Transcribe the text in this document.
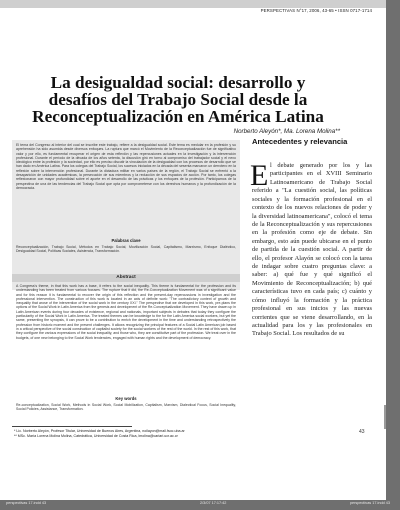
PERSPECTIVAS N°17, 2006, 43-65 • ISSN 0717-1714
La desigualdad social: desarrollo y desafíos del Trabajo Social desde la Reconceptualización en América Latina
Norberto Aleyón*, Ma. Lorena Molina**
El tema del Congreso al interior del cual se inscribe este trabajo, refiere a la desigualdad social. Este tema es medular en la profesión y su aprehensión ha sido asumida desde diversos enfoques. La ruptura que marcó el Movimiento de la Reconceptualización fue de significativo valor y por ello, es fundamental recuperar el origen de esta reflexión y las repercusiones actuales en la investigación y la intervención profesional. Durante el período de la década de los años setenta, la discusión giró en torno al compromiso del trabajador social y el nexo ideológico entre la profesión y la sociedad, por ello es preciso discutir la vinculación de la desigualdad con los procesos de desarrollo que se han dado en América Latina. Para los colegas del Trabajo Social, los sucesos iniciados en la década del sesenta marcaron un derrotero en la reflexión sobre la intervención profesional. Durante la dictadura militar en varios países de la región, el Trabajo Social se enfrentó a la desaparición de unidades académicas, la persecución de sus miembros y la reducción de sus espacios de acción. Por tanto, los colegas reflexionaron con mayor profundidad sobre el aporte en el desarrollo de las prácticas y los enfoques de la profesión. Participamos de la perspectiva de una de las tendencias del Trabajo Social que opta por comprometerse con los derechos humanos y la profundización de la democracia.
Palabras clave
Reconceptualización, Trabajo Social, Métodos en Trabajo Social, Movilización Social, Capitalismo, Marxismo, Enfoque Dialéctico, Desigualdad Social, Políticas Sociales, Asistencia, Transformación.
Abstract
A Congress's theme, in that this work has a base, it refers to the social inequality. This theme is fundamental for the profession and its understanding has been treated from various focuses. The rupture that it did, the Re-Conceptualization Movement was of a significant value and for this reason it is fundamental to recover the origin of this reflection and the present-day repercussions in investigation and the professional intervention. The construction of this work is located in an axis of definite work: "The contradictory context of growth and inequality that arose of the intervention of the social work in the century XXI." The perspective that we developed in this work, pre-plans the options of the Social Work in Latin America from the genesis and development of the Re-Conceptualization Movement. They have drawn up in Latin American events during four decades of existence, regional and nationals, important subjects in debates that today they configure the particularity of the Social Work in Latin America. The treated themes can be knowledge to the for the Latin America social workers, but yet the same, presenting the synopsis, it can prove to be a contribution to enrich the development in the time and understanding retrospectively the profession from historic moment and the present challenges. It allows recognizing the principal features of a Social Latin American job based in a critical perspective of the social construction of capitalist society for the social workers of the rest of the world. In the rest of this work, that they configure the various expressions of the social inequality, and those who, they are constitutive part of the profession. We treat over in the budgets, of one new belonging to the Social Work tendencies, engaged with human rights and the development of democracy.
Key words
Re-conceptualization, Social Work, Methods in Social Work, Social Mobilization, Capitalism, Marxism, Dialectical Focus, Social Inequality, Social Policies, Assistance, Transformation.
* Lic. Norberto Aleyón, Profesor Titular, Universidad de Buenos Aires, Argentina, noilayon@mail.fsoc.uba.ar
** MSc. María Lorena Molina Molina, Catedrática, Universidad de Costa Rica, lmolina@cariari.ucr.ac.cr
Antecedentes y relevancia
E l debate generado por los y las participantes en el XVIII Seminario Latinoamericano de Trabajo Social referido a "La cuestión social, las políticas sociales y la formación profesional en el contexto de los nuevos relaciones de poder y la diversidad latinoamericana", colocó el tema de la Reconceptualización y sus repercusiones en la profesión como eje de debate. Sin embargo, esto aún puede ubicarse en el punto de partida de la cuestión social. A partir de ello, el profesor Alayón se colocó con la tarea de indagar sobre cuatro preguntas clave: a saber: a) qué fue y qué significó el Movimiento de Reconceptualización; b) qué características tuvo en cada país; c) cuánto y cómo influyó la formación y la práctica profesional en sus inicios y las nuevas corrientes que se viene desarrollando, en la actualidad para los y las profesionales en Trabajo Social. Los resultados de su
43
perspectivas 17.indd 43	2/3/07 17:17:42	perspectivas 17.indd 43
